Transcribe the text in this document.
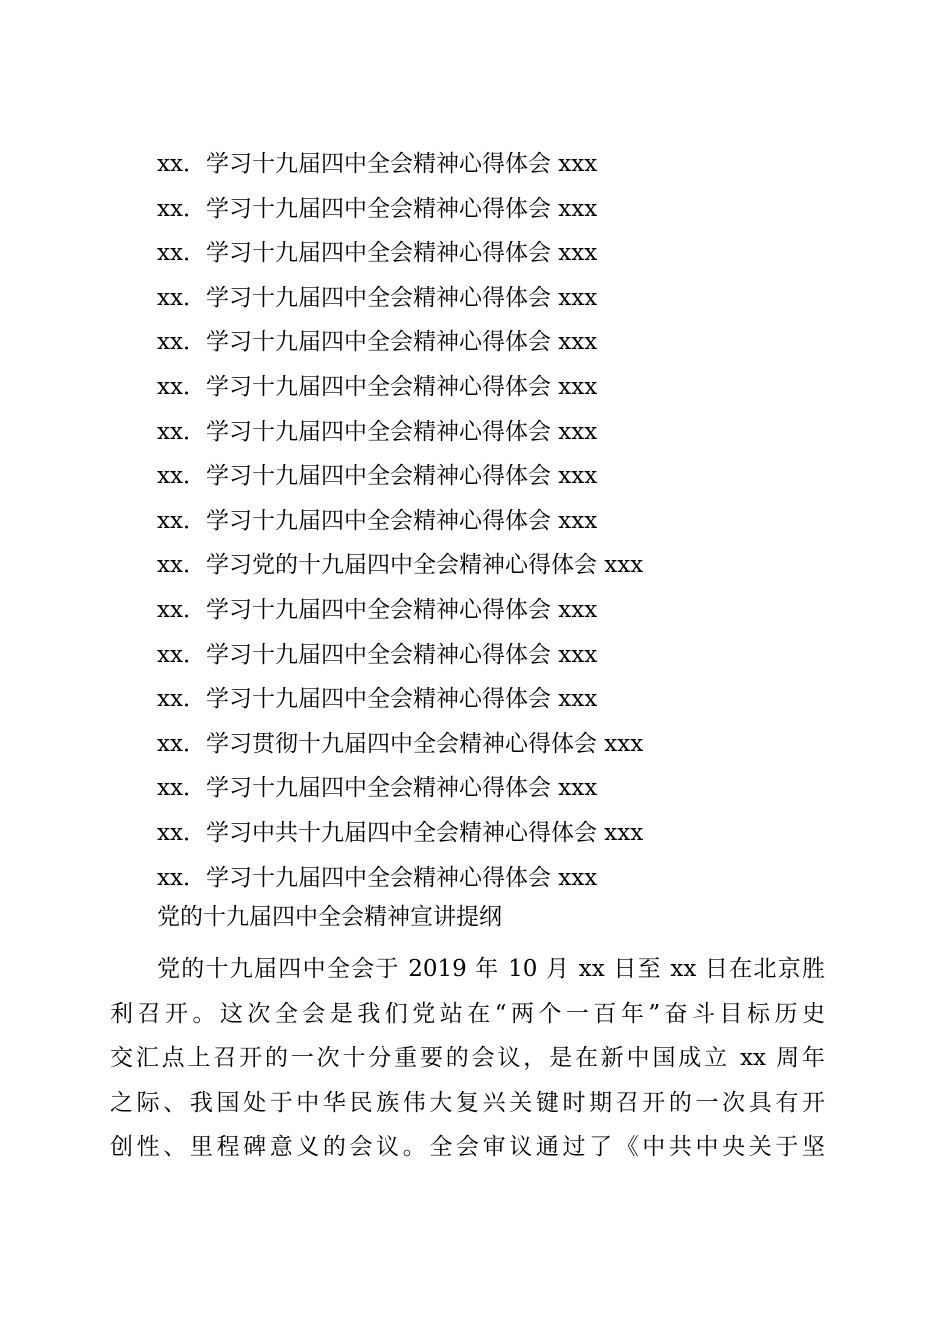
xx．学习十九届四中全会精神心得体会 xxx
xx．学习十九届四中全会精神心得体会 xxx
xx．学习十九届四中全会精神心得体会 xxx
xx．学习十九届四中全会精神心得体会 xxx
xx．学习十九届四中全会精神心得体会 xxx
xx．学习十九届四中全会精神心得体会 xxx
xx．学习十九届四中全会精神心得体会 xxx
xx．学习十九届四中全会精神心得体会 xxx
xx．学习十九届四中全会精神心得体会 xxx
xx．学习党的十九届四中全会精神心得体会 xxx
xx．学习十九届四中全会精神心得体会 xxx
xx．学习十九届四中全会精神心得体会 xxx
xx．学习十九届四中全会精神心得体会 xxx
xx．学习贯彻十九届四中全会精神心得体会 xxx
xx．学习十九届四中全会精神心得体会 xxx
xx．学习中共十九届四中全会精神心得体会 xxx
xx．学习十九届四中全会精神心得体会 xxx
党的十九届四中全会精神宣讲提纲
党的十九届四中全会于 2019 年 10 月 xx 日至 xx 日在北京胜
利召开。这次全会是我们党站在“两个一百年”奋斗目标历史
交汇点上召开的一次十分重要的会议，是在新中国成立 xx 周年
之际、我国处于中华民族伟大复兴关键时期召开的一次具有开
创性、里程碑意义的会议。全会审议通过了《中共中央关于坚
